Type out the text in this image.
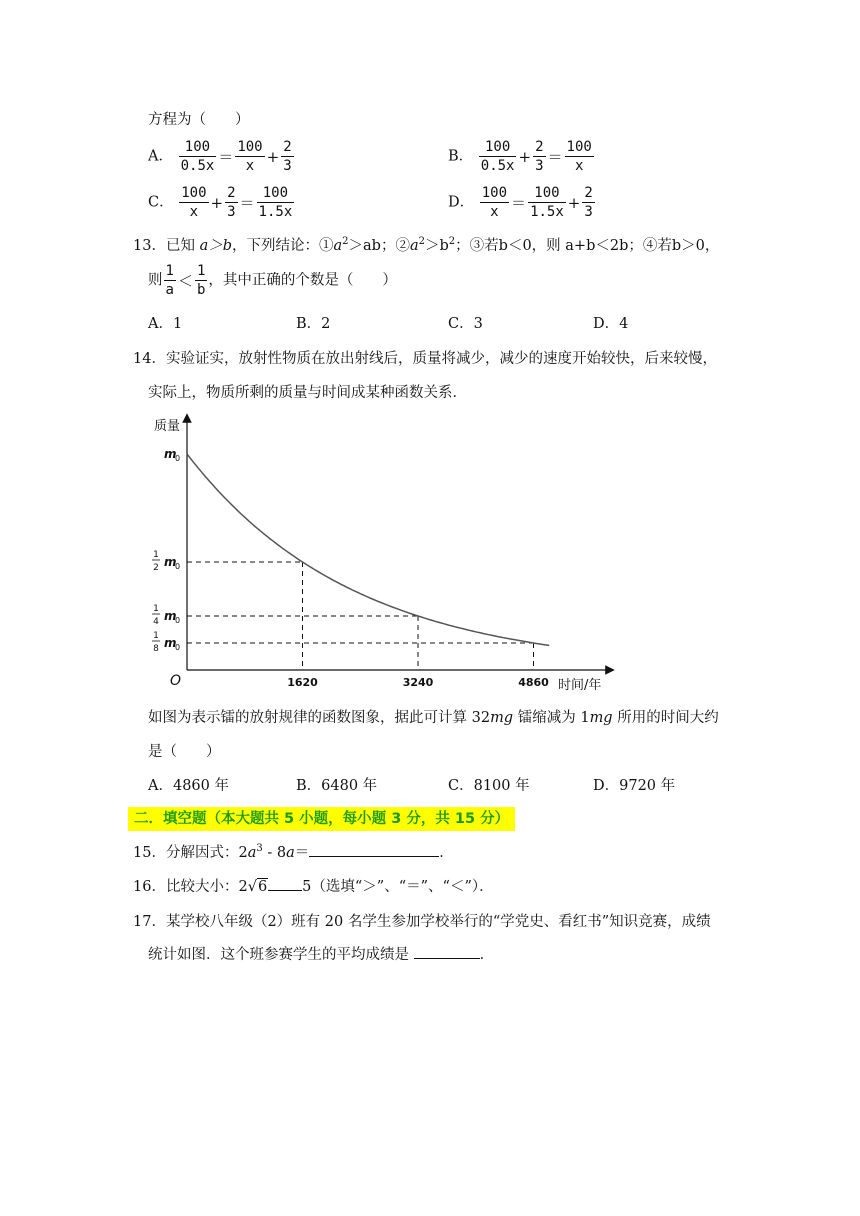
方程为（　　）
A． $\frac{100}{0.5x} = \frac{100}{x} + \frac{2}{3}$	B． $\frac{100}{0.5x} + \frac{2}{3} = \frac{100}{x}$
C． $\frac{100}{x} + \frac{2}{3} = \frac{100}{1.5x}$	D． $\frac{100}{x} = \frac{100}{1.5x} + \frac{2}{3}$
13．已知 a＞b，下列结论：$①a^2>ab$；$②a^2>b^2$；③若b＜0，则 a+b＜2b；④若b＞0，
则 $\frac{1}{a} < \frac{1}{b}$ ，其中正确的个数是（　　）
A．1	B．2	C．3	D．4
14．实验证实，放射性物质在放出射线后，质量将减少，减少的速度开始较快，后来较慢，
实际上，物质所剩的质量与时间成某种函数关系．
质量
时间/年
O	1620	3240	4860
m
0
1
2 m
0
1
4 m
0
1
8 m
0
如图为表示镭的放射规律的函数图象，据此可计算 32mg 镭缩减为 1mg 所用的时间大约
是（　　）
A．4860 年	B．6480 年	C．8100 年	D．9720 年
二．填空题（本大题共 5 小题，每小题 3 分，共 15 分）
15．分解因式：$2a^3 - 8a=$	．
16．比较大小：2√6 5（选填“＞”、“＝”、“＜”）．
17．某学校八年级（2）班有 20 名学生参加学校举行的“学党史、看红书”知识竞赛，成绩
统计如图．这个班参赛学生的平均成绩是	．
